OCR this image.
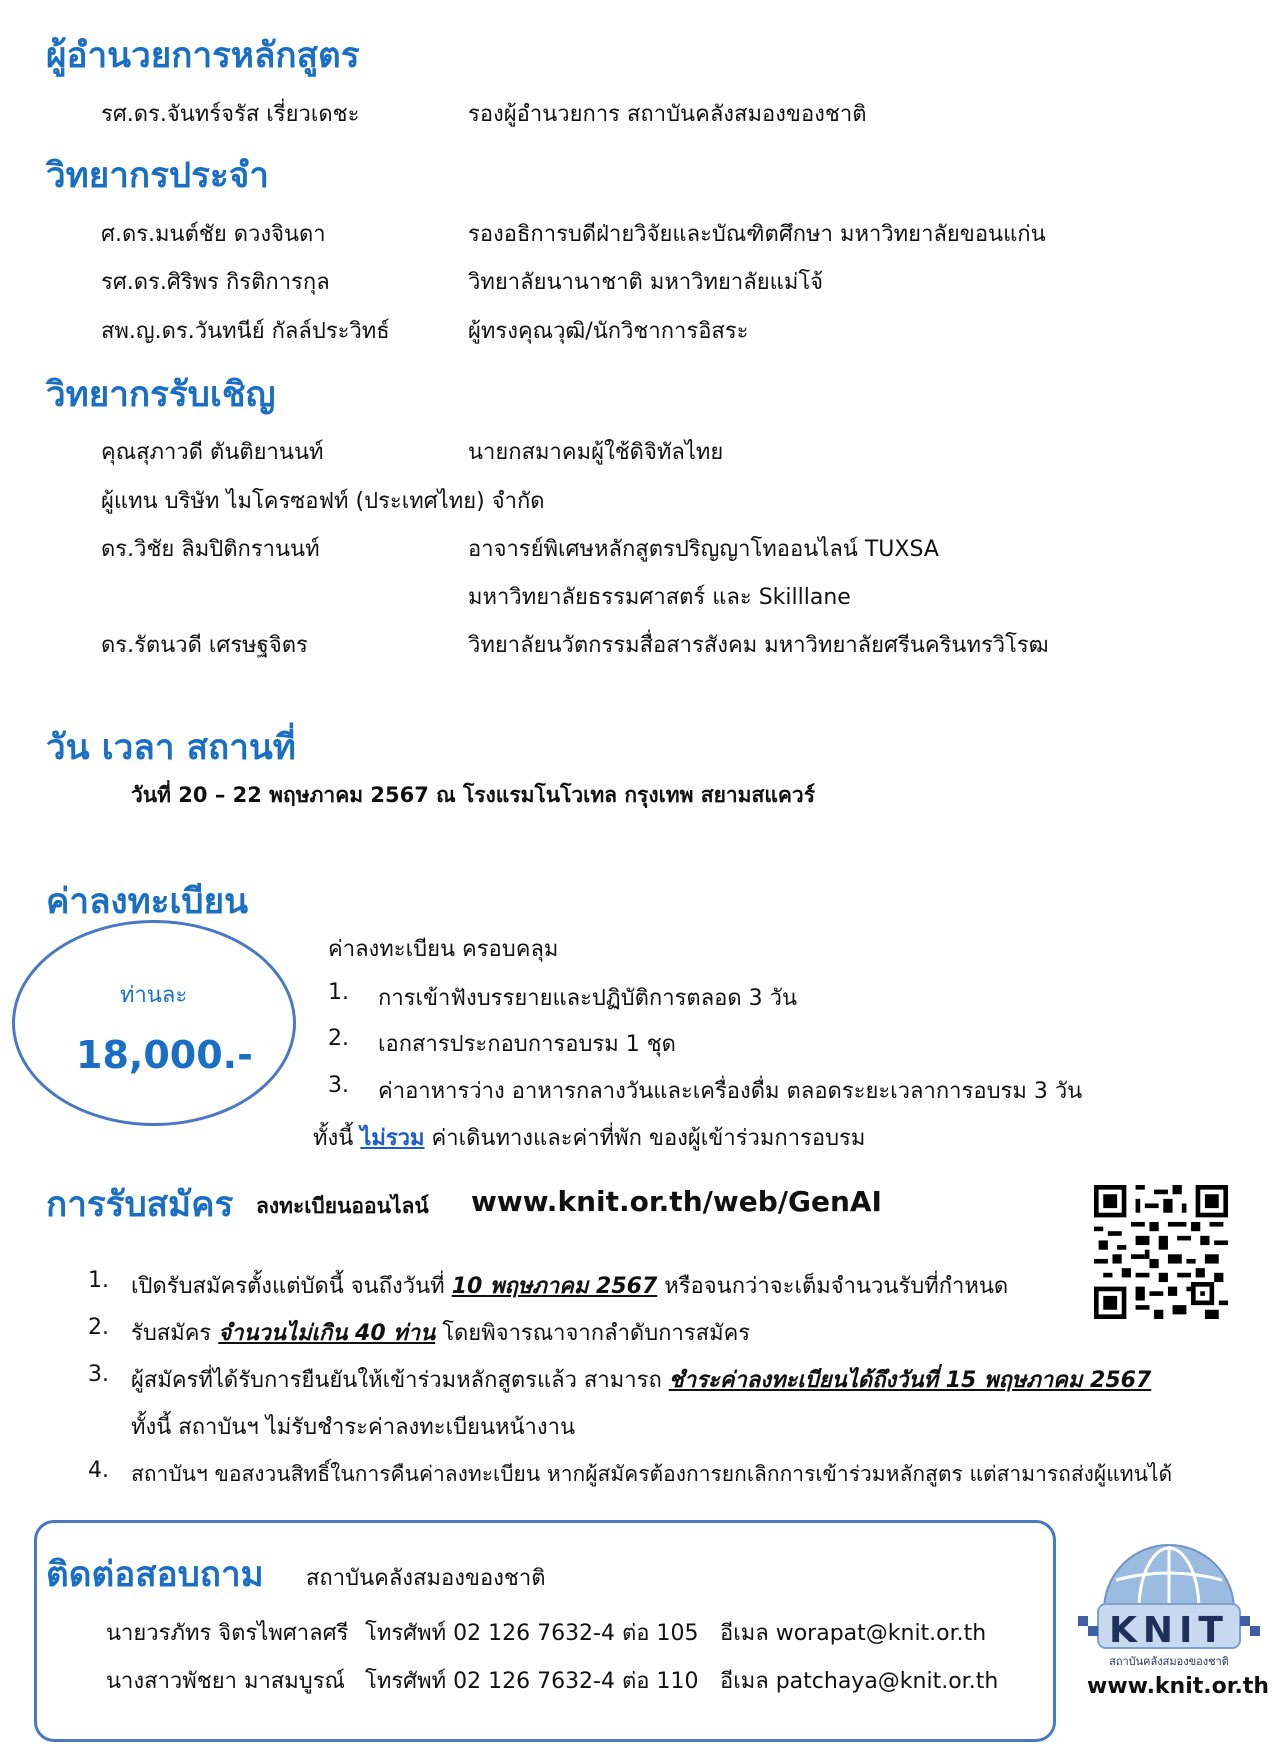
ผู้อำนวยการหลักสูตร
รศ.ดร.จันทร์จรัส เรี่ยวเดชะ	รองผู้อำนวยการ สถาบันคลังสมองของชาติ
วิทยากรประจำ
ศ.ดร.มนต์ชัย ดวงจินดา	รองอธิการบดีฝ่ายวิจัยและบัณฑิตศึกษา มหาวิทยาลัยขอนแก่น
รศ.ดร.ศิริพร กิรติการกุล	วิทยาลัยนานาชาติ มหาวิทยาลัยแม่โจ้
สพ.ญ.ดร.วันทนีย์ กัลล์ประวิทธ์	ผู้ทรงคุณวุฒิ/นักวิชาการอิสระ
วิทยากรรับเชิญ
คุณสุภาวดี ตันติยานนท์	นายกสมาคมผู้ใช้ดิจิทัลไทย
ผู้แทน บริษัท ไมโครซอฟท์ (ประเทศไทย) จำกัด
ดร.วิชัย ลิมปิติกรานนท์	อาจารย์พิเศษหลักสูตรปริญญาโทออนไลน์ TUXSA
มหาวิทยาลัยธรรมศาสตร์ และ Skilllane
ดร.รัตนวดี เศรษฐจิตร	วิทยาลัยนวัตกรรมสื่อสารสังคม มหาวิทยาลัยศรีนครินทรวิโรฒ
วัน เวลา สถานที่
วันที่ 20 – 22 พฤษภาคม 2567 ณ โรงแรมโนโวเทล กรุงเทพ สยามสแควร์
ค่าลงทะเบียน
ท่านละ
18,000.-
ค่าลงทะเบียน ครอบคลุม
1. การเข้าฟังบรรยายและปฏิบัติการตลอด 3 วัน
2. เอกสารประกอบการอบรม 1 ชุด
3. ค่าอาหารว่าง อาหารกลางวันและเครื่องดื่ม ตลอดระยะเวลาการอบรม 3 วัน
ทั้งนี้ ไม่รวม ค่าเดินทางและค่าที่พัก ของผู้เข้าร่วมการอบรม
การรับสมัคร ลงทะเบียนออนไลน์ www.knit.or.th/web/GenAI
1. เปิดรับสมัครตั้งแต่บัดนี้ จนถึงวันที่ 10 พฤษภาคม 2567 หรือจนกว่าจะเต็มจำนวนรับที่กำหนด
2. รับสมัคร จำนวนไม่เกิน 40 ท่าน โดยพิจารณาจากลำดับการสมัคร
3. ผู้สมัครที่ได้รับการยืนยันให้เข้าร่วมหลักสูตรแล้ว สามารถ ชำระค่าลงทะเบียนได้ถึงวันที่ 15 พฤษภาคม 2567
ทั้งนี้ สถาบันฯ ไม่รับชำระค่าลงทะเบียนหน้างาน
4. สถาบันฯ ขอสงวนสิทธิ์ในการคืนค่าลงทะเบียน หากผู้สมัครต้องการยกเลิกการเข้าร่วมหลักสูตร แต่สามารถส่งผู้แทนได้
ติดต่อสอบถาม สถาบันคลังสมองของชาติ
นายวรภัทร จิตรไพศาลศรี โทรศัพท์ 02 126 7632-4 ต่อ 105 อีเมล worapat@knit.or.th
นางสาวพัชยา มาสมบูรณ์ โทรศัพท์ 02 126 7632-4 ต่อ 110 อีเมล patchaya@knit.or.th
KNIT
สถาบันคลังสมองของชาติ
www.knit.or.th
